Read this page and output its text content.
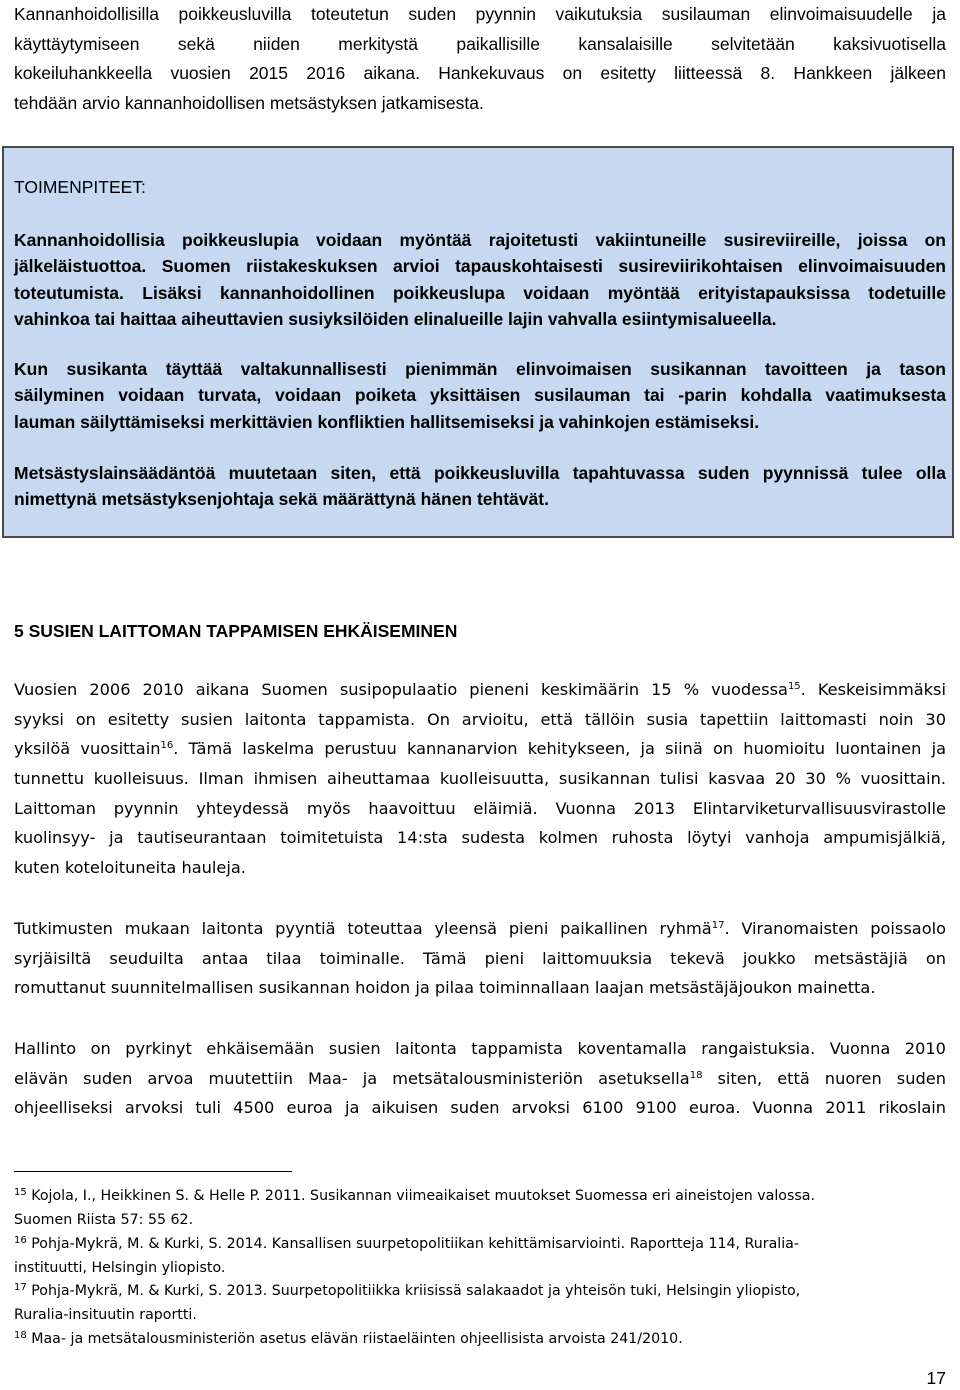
Kannanhoidollisilla poikkeusluvilla toteutetun suden pyynnin vaikutuksia susilauman elinvoimaisuudelle ja
käyttäytymiseen sekä niiden merkitystä paikallisille kansalaisille selvitetään kaksivuotisella
kokeiluhankkeella vuosien 2015 2016 aikana. Hankekuvaus on esitetty liitteessä 8. Hankkeen jälkeen
tehdään arvio kannanhoidollisen metsästyksen jatkamisesta.
TOIMENPITEET:
Kannanhoidollisia poikkeuslupia voidaan myöntää rajoitetusti vakiintuneille susireviireille, joissa on
jälkeläistuottoa. Suomen riistakeskuksen arvioi tapauskohtaisesti susireviirikohtaisen elinvoimaisuuden
toteutumista. Lisäksi kannanhoidollinen poikkeuslupa voidaan myöntää erityistapauksissa todetuille
vahinkoa tai haittaa aiheuttavien susiyksilöiden elinalueille lajin vahvalla esiintymisalueella.
Kun susikanta täyttää valtakunnallisesti pienimmän elinvoimaisen susikannan tavoitteen ja tason
säilyminen voidaan turvata, voidaan poiketa yksittäisen susilauman tai -parin kohdalla vaatimuksesta
lauman säilyttämiseksi merkittävien konfliktien hallitsemiseksi ja vahinkojen estämiseksi.
Metsästyslainsäädäntöä muutetaan siten, että poikkeusluvilla tapahtuvassa suden pyynnissä tulee olla
nimettynä metsästyksenjohtaja sekä määrättynä hänen tehtävät.
5 SUSIEN LAITTOMAN TAPPAMISEN EHKÄISEMINEN
Vuosien 2006 2010 aikana Suomen susipopulaatio pieneni keskimäärin 15 % vuodessa$^{15}$. Keskeisimmäksi
syyksi on esitetty susien laitonta tappamista. On arvioitu, että tällöin susia tapettiin laittomasti noin 30
yksilöä vuosittain$^{16}$. Tämä laskelma perustuu kannanarvion kehitykseen, ja siinä on huomioitu luontainen ja
tunnettu kuolleisuus. Ilman ihmisen aiheuttamaa kuolleisuutta, susikannan tulisi kasvaa 20 30 % vuosittain.
Laittoman pyynnin yhteydessä myös haavoittuu eläimiä. Vuonna 2013 Elintarviketurvallisuusvirastolle
kuolinsyy- ja tautiseurantaan toimitetuista 14:sta sudesta kolmen ruhosta löytyi vanhoja ampumisjälkiä,
kuten koteloituneita hauleja.
Tutkimusten mukaan laitonta pyyntiä toteuttaa yleensä pieni paikallinen ryhmä$^{17}$. Viranomaisten poissaolo
syrjäisiltä seuduilta antaa tilaa toiminalle. Tämä pieni laittomuuksia tekevä joukko metsästäjiä on
romuttanut suunnitelmallisen susikannan hoidon ja pilaa toiminnallaan laajan metsästäjäjoukon mainetta.
Hallinto on pyrkinyt ehkäisemään susien laitonta tappamista koventamalla rangaistuksia. Vuonna 2010
elävän suden arvoa muutettiin Maa- ja metsätalousministeriön asetuksella$^{18}$ siten, että nuoren suden
ohjeelliseksi arvoksi tuli 4500 euroa ja aikuisen suden arvoksi 6100 9100 euroa. Vuonna 2011 rikoslain
$^{15}$ Kojola, I., Heikkinen S. & Helle P. 2011. Susikannan viimeaikaiset muutokset Suomessa eri aineistojen valossa.
Suomen Riista 57: 55 62.
$^{16}$ Pohja-Mykrä, M. & Kurki, S. 2014. Kansallisen suurpetopolitiikan kehittämisarviointi. Raportteja 114, Ruralia-
instituutti, Helsingin yliopisto.
$^{17}$ Pohja-Mykrä, M. & Kurki, S. 2013. Suurpetopolitiikka kriisissä salakaadot ja yhteisön tuki, Helsingin yliopisto,
Ruralia-insituutin raportti.
$^{18}$ Maa- ja metsätalousministeriön asetus elävän riistaeläinten ohjeellisista arvoista 241/2010.
17
